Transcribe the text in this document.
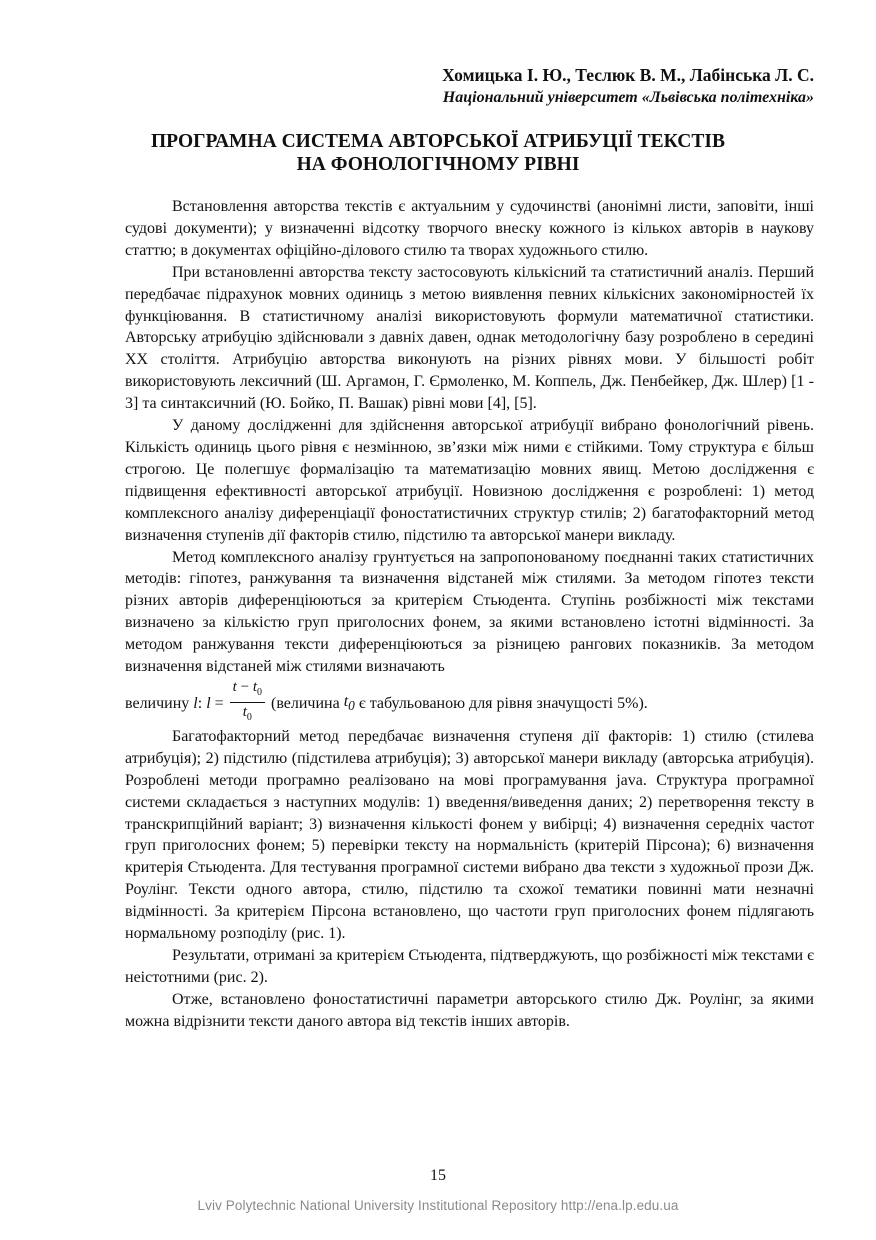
Хомицька І. Ю., Теслюк В. М., Лабінська Л. С.
Національний університет «Львівська політехніка»
ПРОГРАМНА СИСТЕМА АВТОРСЬКОЇ АТРИБУЦІЇ ТЕКСТІВ
НА ФОНОЛОГІЧНОМУ РІВНІ

Встановлення авторства текстів є актуальним у судочинстві (анонімні листи, заповіти, інші судові документи); у визначенні відсотку творчого внеску кожного із кількох авторів в наукову статтю; в документах офіційно-ділового стилю та творах художнього стилю.

При встановленні авторства тексту застосовують кількісний та статистичний аналіз. Перший передбачає підрахунок мовних одиниць з метою виявлення певних кількісних закономірностей їх функціювання. В статистичному аналізі використовують формули математичної статистики. Авторську атрибуцію здійснювали з давніх давен, однак методологічну базу розроблено в середині XX століття. Атрибуцію авторства виконують на різних рівнях мови. У більшості робіт використовують лексичний (Ш. Аргамон, Г. Єрмоленко, М. Коппель, Дж. Пенбейкер, Дж. Шлер) [1 - 3] та синтаксичний (Ю. Бойко, П. Вашак) рівні мови [4], [5].

У даному дослідженні для здійснення авторської атрибуції вибрано фонологічний рівень. Кількість одиниць цього рівня є незмінною, зв’язки між ними є стійкими. Тому структура є більш строгою. Це полегшує формалізацію та математизацію мовних явищ. Метою дослідження є підвищення ефективності авторської атрибуції. Новизною дослідження є розроблені: 1) метод комплексного аналізу диференціації фоностатистичних структур стилів; 2) багатофакторний метод визначення ступенів дії факторів стилю, підстилю та авторської манери викладу.

Метод комплексного аналізу грунтується на запропонованому поєднанні таких статистичних методів: гіпотез, ранжування та визначення відстаней між стилями. За методом гіпотез тексти різних авторів диференціюються за критерієм Стьюдента. Ступінь розбіжності між текстами визначено за кількістю груп приголосних фонем, за якими встановлено істотні відмінності. За методом ранжування тексти диференціюються за різницею рангових показників. За методом визначення відстаней між стилями визначають

величину l: $l = \frac{t - t_0}{t_0}$ (величина $t_0$ є табульованою для рівня значущості 5%).

Багатофакторний метод передбачає визначення ступеня дії факторів: 1) стилю (стилева атрибуція); 2) підстилю (підстилева атрибуція); 3) авторської манери викладу (авторська атрибуція). Розроблені методи програмно реалізовано на мові програмування java. Структура програмної системи складається з наступних модулів: 1) введення/виведення даних; 2) перетворення тексту в транскрипційний варіант; 3) визначення кількості фонем у вибірці; 4) визначення середніх частот груп приголосних фонем; 5) перевірки тексту на нормальність (критерій Пірсона); 6) визначення критерія Стьюдента. Для тестування програмної системи вибрано два тексти з художньої прози Дж. Роулінг. Тексти одного автора, стилю, підстилю та схожої тематики повинні мати незначні відмінності. За критерієм Пірсона встановлено, що частоти груп приголосних фонем підлягають нормальному розподілу (рис. 1).

Результати, отримані за критерієм Стьюдента, підтверджують, що розбіжності між текстами є неістотними (рис. 2).

Отже, встановлено фоностатистичні параметри авторського стилю Дж. Роулінг, за якими можна відрізнити тексти даного автора від текстів інших авторів.

15
Lviv Polytechnic National University Institutional Repository http://ena.lp.edu.ua
